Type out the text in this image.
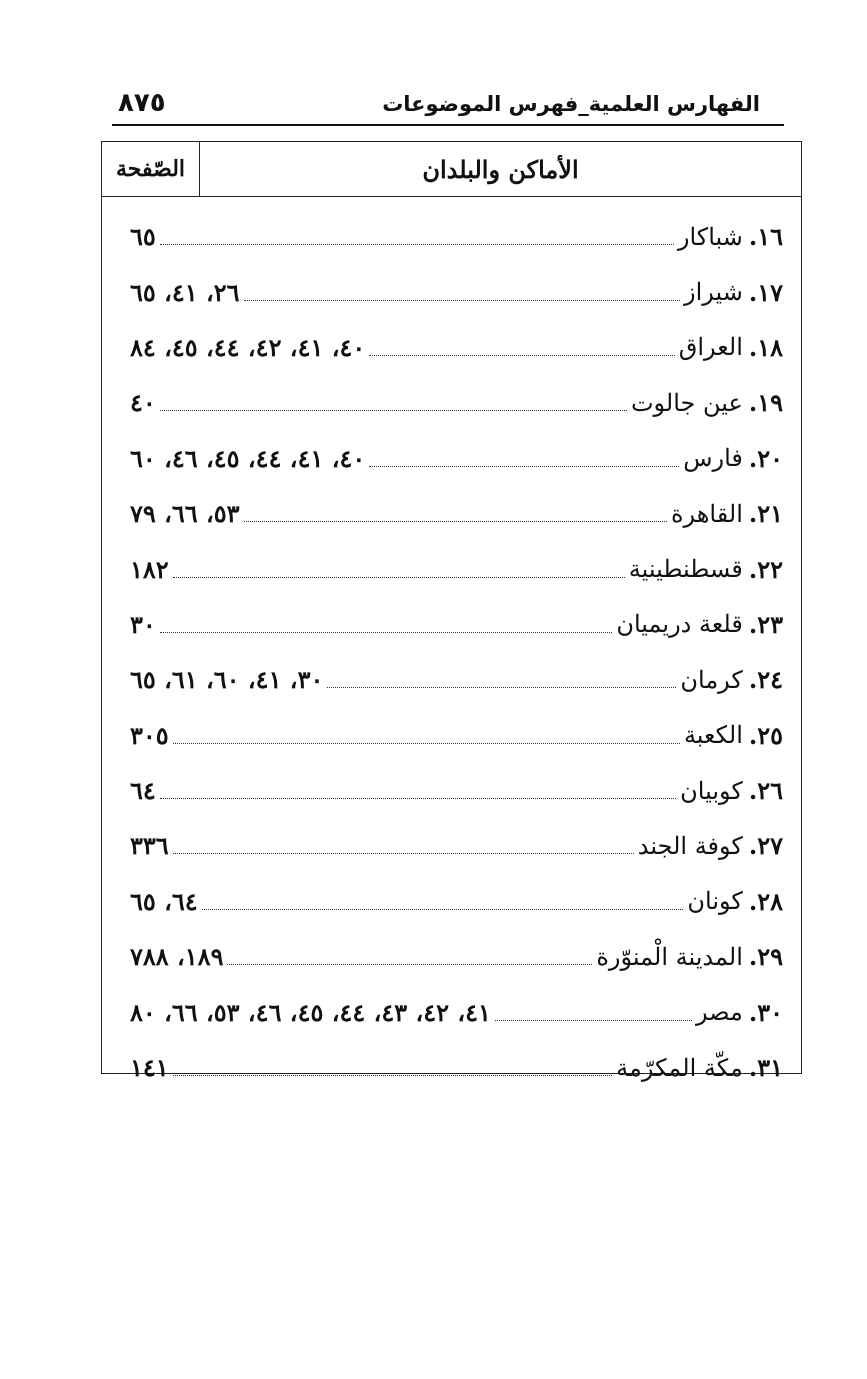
الفهارس العلمية_فهرس الموضوعات
٨٧٥
الأماكن والبلدان
الصّفحة
١٦.
شباكار
٦٥
١٧.
شيراز
٢٦، ٤١، ٦٥
١٨.
العراق
٤٠، ٤١، ٤٢، ٤٤، ٤٥، ٨٤
١٩.
عين جالوت
٤٠
٢٠.
فارس
٤٠، ٤١، ٤٤، ٤٥، ٤٦، ٦٠
٢١.
القاهرة
٥٣، ٦٦، ٧٩
٢٢.
قسطنطينية
١٨٢
٢٣.
قلعة دريميان
٣٠
٢٤.
كرمان
٣٠، ٤١، ٦٠، ٦١، ٦٥
٢٥.
الكعبة
٣٠٥
٢٦.
كوبيان
٦٤
٢٧.
كوفة الجند
٣٣٦
٢٨.
كونان
٦٤، ٦٥
٢٩.
المدينة الْمنوّرة
١٨٩، ٧٨٨
٣٠.
مصر
٤١، ٤٢، ٤٣، ٤٤، ٤٥، ٤٦، ٥٣، ٦٦، ٨٠
٣١.
مكّة المكرّمة
١٤١
